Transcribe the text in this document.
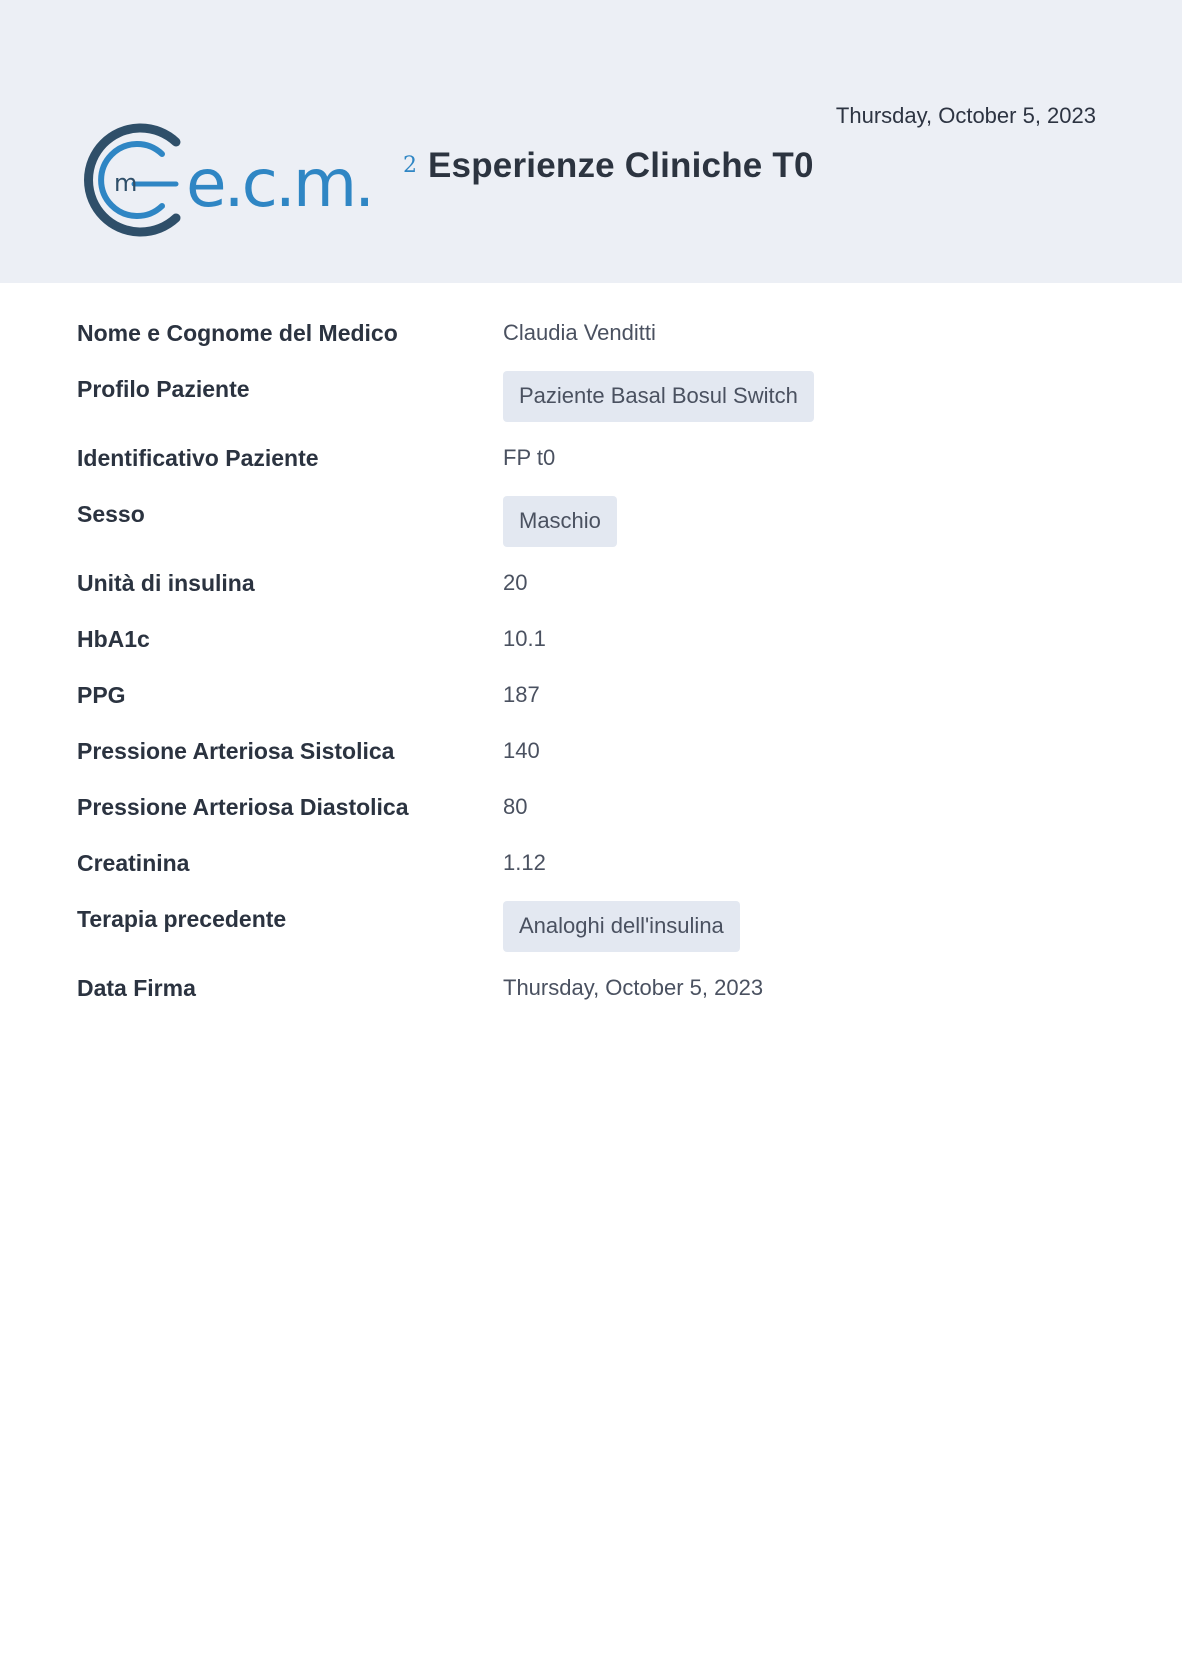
Thursday, October 5, 2023
m e.c.m. 2 Esperienze Cliniche T0
Nome e Cognome del Medico	Claudia Venditti
Profilo Paziente	Paziente Basal Bosul Switch
Identificativo Paziente	FP t0
Sesso	Maschio
Unità di insulina	20
HbA1c	10.1
PPG	187
Pressione Arteriosa Sistolica	140
Pressione Arteriosa Diastolica	80
Creatinina	1.12
Terapia precedente	Analoghi dell'insulina
Data Firma	Thursday, October 5, 2023
